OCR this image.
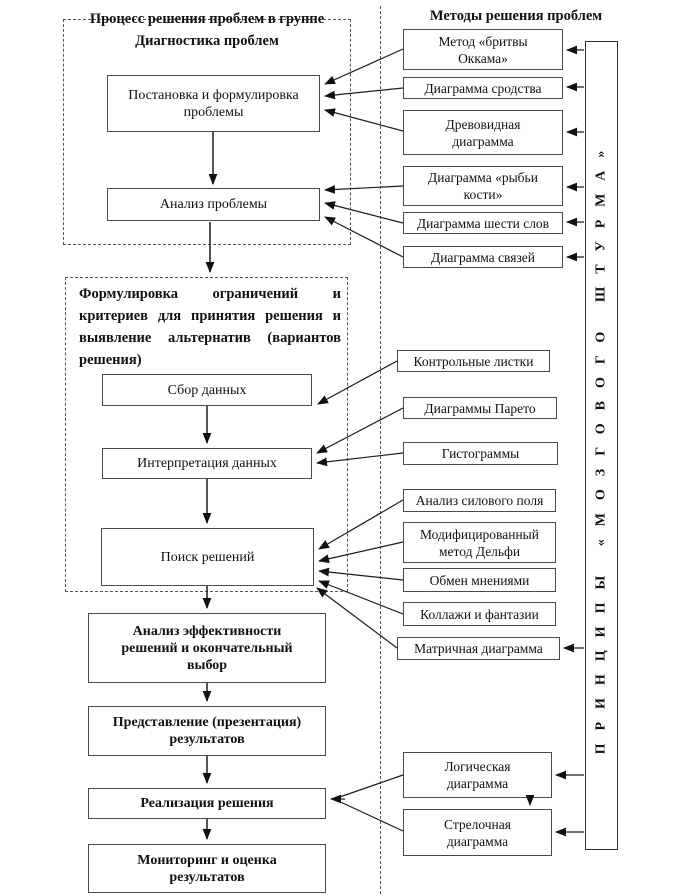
Процесс решения проблем в группе
Диагностика проблем
Методы решения проблем
Постановка и формулировка проблемы
Анализ проблемы
Формулировка ограничений и критериев для принятия решения и выявление альтернатив (вариантов решения)
Сбор данных
Интерпретация данных
Поиск решений
Анализ эффективности решений и окончательный выбор
Представление (презентация) результатов
Реализация решения
Мониторинг и оценка результатов
Метод «бритвы Оккама»
Диаграмма сродства
Древовидная диаграмма
Диаграмма «рыбьи кости»
Диаграмма шести слов
Диаграмма связей
Контрольные листки
Диаграммы Парето
Гистограммы
Анализ силового поля
Модифицированный метод Дельфи
Обмен мнениями
Коллажи и фантазии
Матричная диаграмма
Логическая диаграмма
Стрелочная диаграмма
ПРИНЦИПЫ «МОЗГОВОГО ШТУРМА»
